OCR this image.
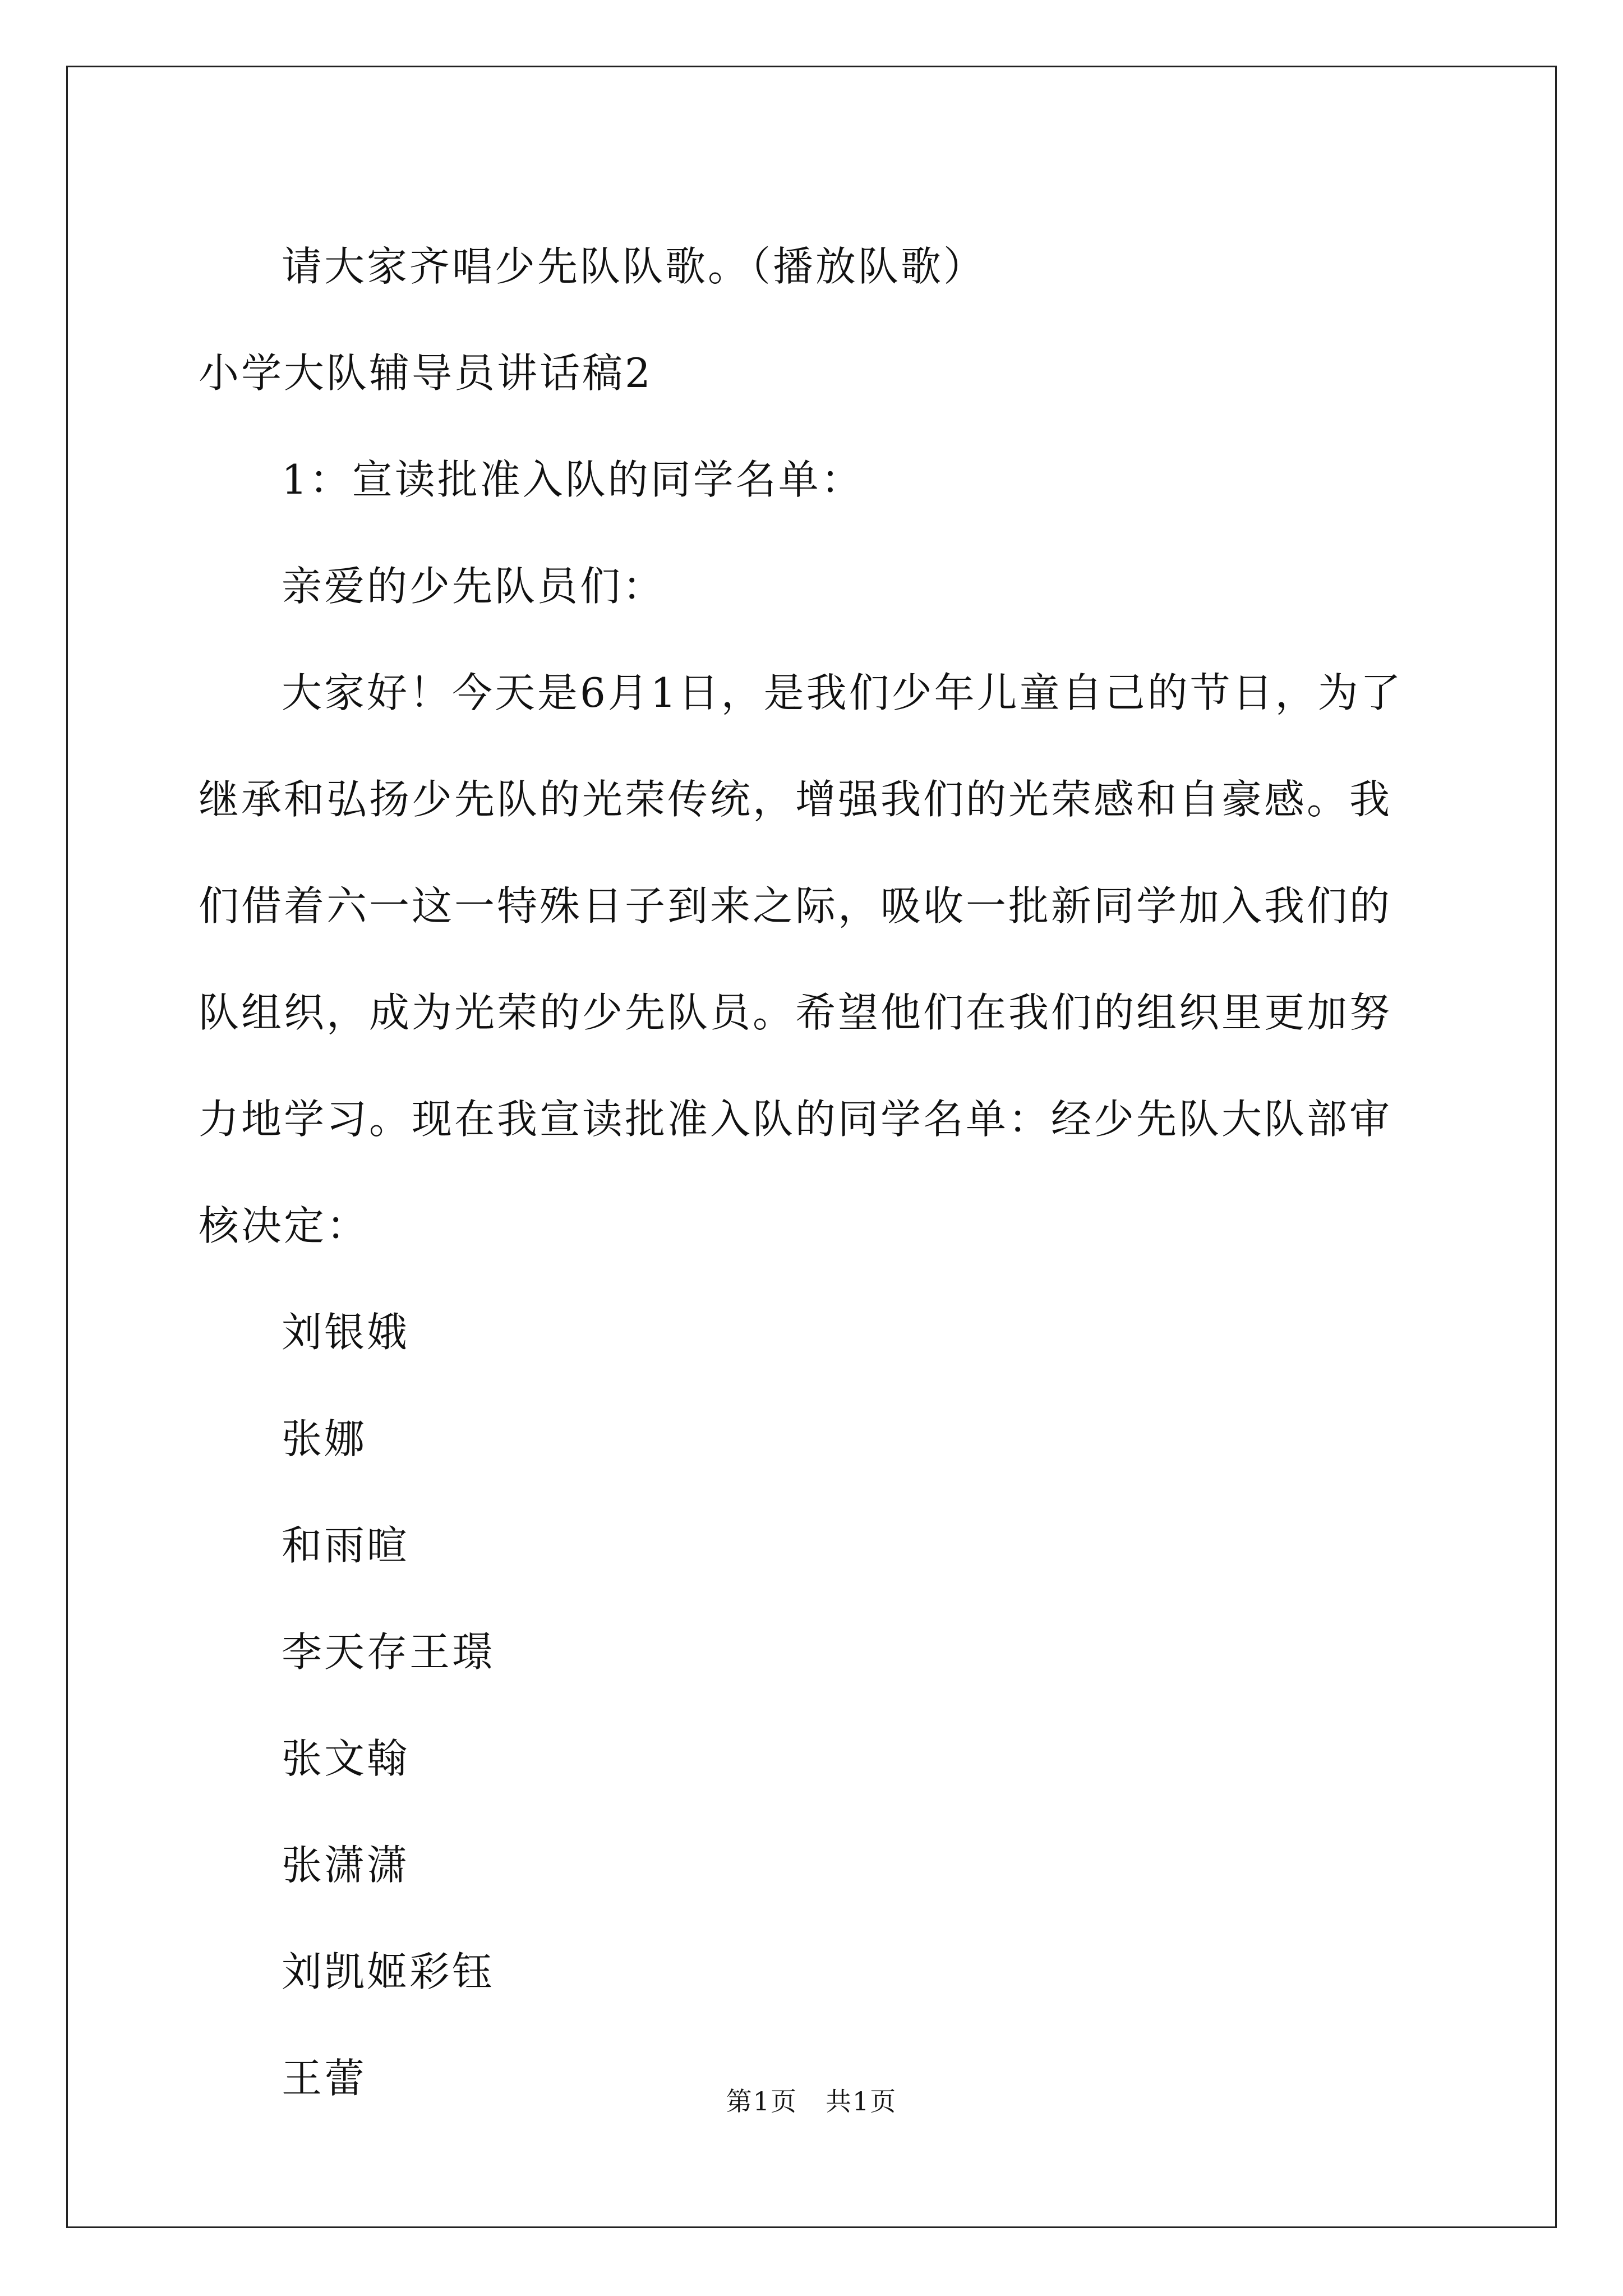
请大家齐唱少先队队歌。（播放队歌）

小学大队辅导员讲话稿2

1：宣读批准入队的同学名单：

亲爱的少先队员们：

大家好！今天是6月1日，是我们少年儿童自己的节日，为了继承和弘扬少先队的光荣传统，增强我们的光荣感和自豪感。我们借着六一这一特殊日子到来之际，吸收一批新同学加入我们的队组织，成为光荣的少先队员。希望他们在我们的组织里更加努力地学习。现在我宣读批准入队的同学名单：经少先队大队部审核决定：

刘银娥

张娜

和雨暄

李天存王璟

张文翰

张潇潇

刘凯姬彩钰

王蕾	第1页 共1页
